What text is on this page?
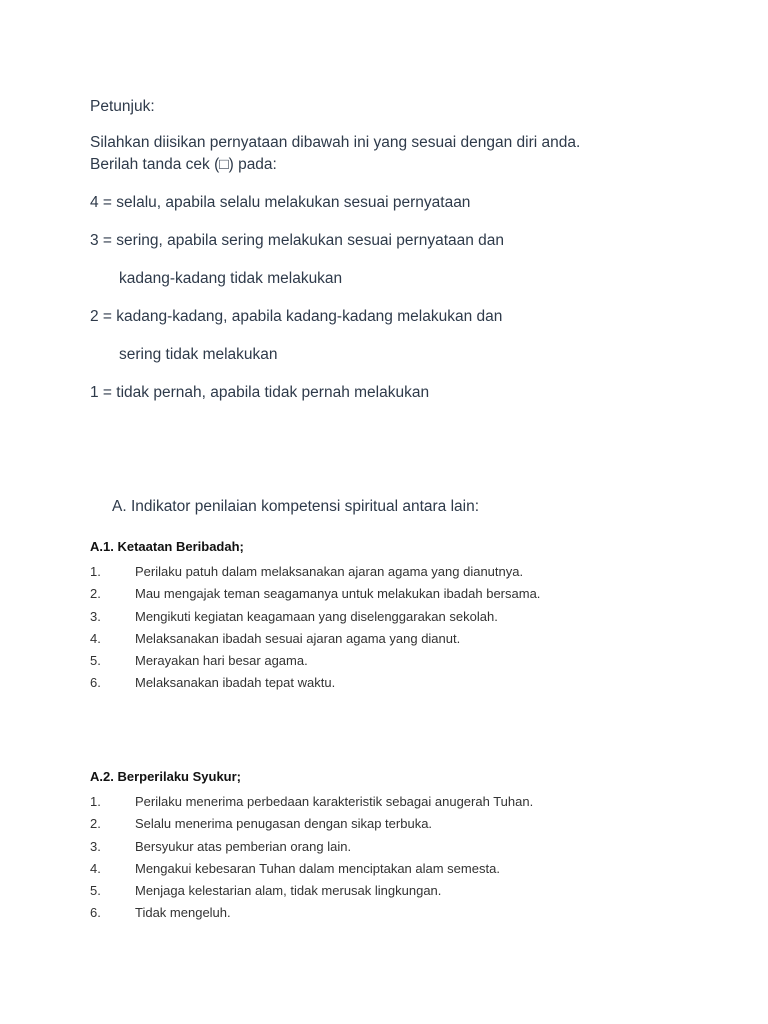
Petunjuk:

Silahkan diisikan pernyataan dibawah ini yang sesuai dengan diri anda.

Berilah tanda cek (□) pada:

4 = selalu, apabila selalu melakukan sesuai pernyataan
3 = sering, apabila sering melakukan sesuai pernyataan dan
kadang-kadang tidak melakukan
2 = kadang-kadang, apabila kadang-kadang melakukan dan
sering tidak melakukan
1 = tidak pernah, apabila tidak pernah melakukan
A. Indikator penilaian kompetensi spiritual antara lain:
A.1. Ketaatan Beribadah;
1.	Perilaku patuh dalam melaksanakan ajaran agama yang dianutnya.
2.	Mau mengajak teman seagamanya untuk melakukan ibadah bersama.
3.	Mengikuti kegiatan keagamaan yang diselenggarakan sekolah.
4.	Melaksanakan ibadah sesuai ajaran agama yang dianut.
5.	Merayakan hari besar agama.
6.	Melaksanakan ibadah tepat waktu.
A.2. Berperilaku Syukur;
1.	Perilaku menerima perbedaan karakteristik sebagai anugerah Tuhan.
2.	Selalu menerima penugasan dengan sikap terbuka.
3.	Bersyukur atas pemberian orang lain.
4.	Mengakui kebesaran Tuhan dalam menciptakan alam semesta.
5.	Menjaga kelestarian alam, tidak merusak lingkungan.
6.	Tidak mengeluh.
